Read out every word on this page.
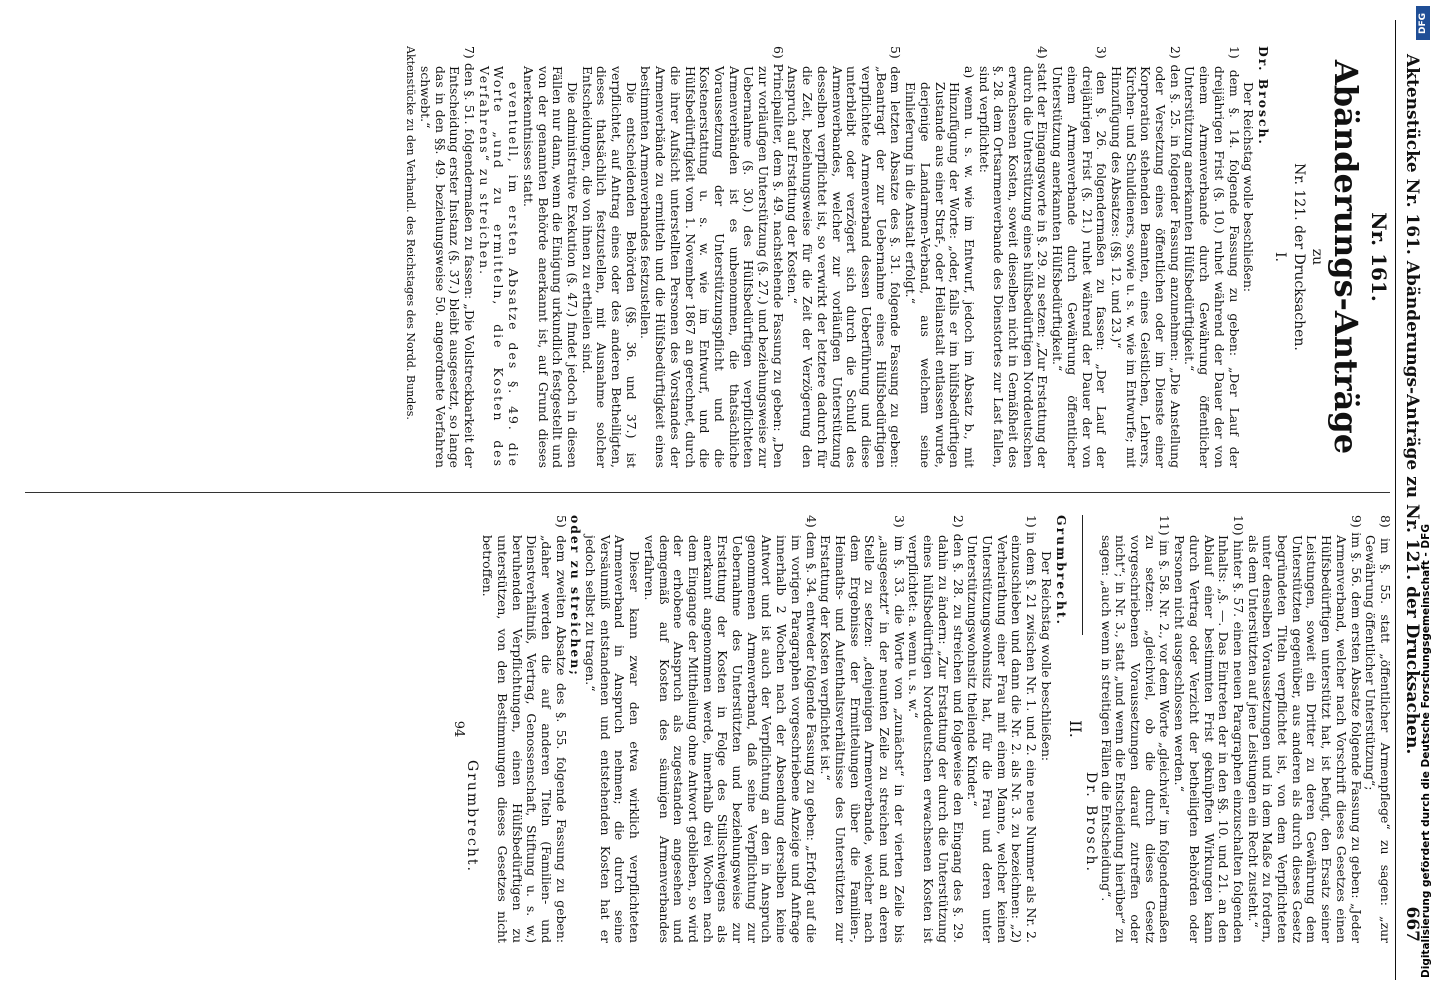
Aktenstücke Nr. 161. Abänderungs-Anträge zu Nr. 121. der Drucksachen.
667
Nr. 161.
Abänderungs-Anträge
zu
Nr. 121. der Drucksachen.
I.

Dr. Brosch.

Der Reichstag wolle beschließen:

1) dem §. 14. folgende Fassung zu geben: „Der Lauf der dreijährigen Frist (§. 10.) ruhet während der Dauer der von einem Armenverbande durch Gewährung öffentlicher Unterstützung anerkannten Hülfsbedürftigkeit.“

2) den §. 25. in folgender Fassung anzunehmen: „Die Anstellung oder Versetzung eines öffentlichen oder im Dienste einer Korporation stehenden Beamten, eines Geistlichen, Lehrers, Kirchen- und Schuldieners, sowie u. s. w. wie im Entwurfe; mit Hinzufügung des Absatzes: (§§. 12. und 23.)“

3) den §. 26. folgendermaßen zu fassen: „Der Lauf der dreijährigen Frist (§. 21.) ruhet während der Dauer der von einem Armenverbande durch Gewährung öffentlicher Unterstützung anerkannten Hülfsbedürftigkeit.“

4) statt der Eingangsworte in §. 29. zu setzen: „Zur Erstattung der durch die Unterstützung eines hülfsbedürftigen Norddeutschen erwachsenen Kosten, soweit dieselben nicht in Gemäßheit des §. 28. dem Ortsarmenverbande des Dienstortes zur Last fallen, sind verpflichtet:

a) wenn u. s. w. wie im Entwurf, jedoch im Absatz b., mit Hinzufügung der Worte: „oder, falls er im hülfsbedürftigen Zustande aus einer Straf-, oder Heilanstalt entlassen wurde, derjenige Landarmen-Verband, aus welchem seine Einlieferung in die Anstalt erfolgt.“

5) dem letzten Absatze des §. 31. folgende Fassung zu geben: „Beantragt der zur Uebernahme eines Hülfsbedürftigen verpflichtete Armenverband dessen Ueberführung und diese unterbleibt oder verzögert sich durch die Schuld des Armenverbandes, welcher zur vorläufigen Unterstützung desselben verpflichtet ist, so verwirkt der letztere dadurch für die Zeit, beziehungsweise für die Zeit der Verzögerung den Anspruch auf Erstattung der Kosten.“

6) Principaliter, dem §. 49. nachstehende Fassung zu geben: „Den zur vorläufigen Unterstützung (§. 27.) und beziehungsweise zur Uebernahme (§. 30.) des Hülfsbedürftigen verpflichteten Armenverbänden ist es unbenommen, die thatsächliche Voraussetzung der Unterstützungspflicht und die Kostenerstattung u. s. w. wie im Entwurf, und die Hülfsbedürftigkeit vom 1. November 1867 an gerechnet, durch die ihrer Aufsicht unterstellten Personen des Vorstandes der Armenverbände zu ermitteln und die Hülfsbedürftigkeit eines bestimmten Armenverbandes festzustellen.

Die entscheidenden Behörden (§§. 36. und 37.) ist verpflichtet, auf Antrag eines oder des anderen Betheiligten, dieses thatsächlich festzustellen, mit Ausnahme solcher Entscheidungen, die von ihnen zu ertheilen sind.

Die administrative Exekution (§. 47.) findet jedoch in diesen Fällen nur dann, wenn die Einigung urkundlich festgestellt und von der genannten Behörde anerkannt ist, auf Grund dieses Anerkenntnisses statt.

eventuell, im ersten Absatze des §. 49. die Worte „und zu ermitteln, die Kosten des Verfahrens“ zu streichen.

7) den §. 51. folgendermaßen zu fassen: „Die Vollstreckbarkeit der Entscheidung erster Instanz (§. 37.) bleibt ausgesetzt, so lange das in den §§. 49. beziehungsweise 50. angeordnete Verfahren schwebt.“

Aktenstücke zu den Verhandl. des Reichstages des Nordd. Bundes.

8) im §. 55. statt „öffentlicher Armenpflege“ zu sagen: „zur Gewährung öffentlicher Unterstützung“;

9) im §. 56. dem ersten Absatze folgende Fassung zu geben: „Jeder Armenverband, welcher nach Vorschrift dieses Gesetzes einen Hülfsbedürftigen unterstützt hat, ist befugt, den Ersatz seiner Leistungen, soweit ein Dritter zu deren Gewährung dem Unterstützten gegenüber, aus anderen als durch dieses Gesetz begründeten Titeln verpflichtet ist, von dem Verpflichteten unter denselben Voraussetzungen und in dem Maße zu fordern, als dem Unterstützten auf jene Leistungen ein Recht zusteht.“

10) hinter §. 57. einen neuen Paragraphen einzuschalten folgenden Inhalts: „§. —. Das Eintreten der in den §§. 10. und 21. an den Ablauf einer bestimmten Frist geknüpften Wirkungen kann durch Vertrag oder Verzicht der betheiligten Behörden oder Personen nicht ausgeschlossen werden.“

11) im §. 58. Nr. 2., vor dem Worte „gleichviel“ im folgendermaßen zu setzen: „gleichviel, ob die durch dieses Gesetz vorgeschriebenen Voraussetzungen darauf zutreffen oder nicht“; in Nr. 3., statt „und wenn die Entscheidung hierüber“ zu sagen: „auch wenn in streitigen Fällen die Entscheidung“.

Dr. Brosch.
II.

Grumbrecht.

Der Reichstag wolle beschließen:

1) in dem §. 21 zwischen Nr. 1. und 2. eine neue Nummer als Nr. 2. einzuschieben und dann die Nr. 2. als Nr. 3. zu bezeichnen: „2) Verheirathung einer Frau mit einem Manne, welcher keinen Unterstützungswohnsitz hat, für die Frau und deren unter Unterstützungswohnsitz theilende Kinder.“

2) den §. 28. zu streichen und folgeweise den Eingang des §. 29. dahin zu ändern: „Zur Erstattung der durch die Unterstützung eines hülfsbedürftigen Norddeutschen erwachsenen Kosten ist verpflichtet: a. wenn u. s. w.“

3) im §. 33. die Worte von „zunächst“ in der vierten Zeile bis „ausgesetzt“ in der neunten Zeile zu streichen und an deren Stelle zu setzen: „denjenigen Armenverbande, welcher nach dem Ergebnisse der Ermittelungen über die Familien-, Heimaths- und Aufenthaltsverhältnisse des Unterstützten zur Erstattung der Kosten verpflichtet ist.“

4) dem §. 34. entweder folgende Fassung zu geben: „Erfolgt auf die im vorigen Paragraphen vorgeschriebene Anzeige und Anfrage innerhalb 2 Wochen nach der Absendung derselben keine Antwort und ist auch der Verpflichtung an den in Anspruch genommenen Armenverband, daß seine Verpflichtung zur Uebernahme des Unterstützten und beziehungsweise zur Erstattung der Kosten in Folge des Stillschweigens als anerkannt angenommen werde, innerhalb drei Wochen nach dem Eingange der Mittheilung ohne Antwort geblieben, so wird der erhobene Anspruch als zugestanden angesehen und demgemäß auf Kosten des säumigen Armenverbandes verfahren.

Dieser kann zwar den etwa wirklich verpflichteten Armenverband in Anspruch nehmen; die durch seine Versäumniß entstandenen und entstehenden Kosten hat er jedoch selbst zu tragen.“

oder zu streichen;

5) dem zweiten Absatze des §. 55. folgende Fassung zu geben: „daher werden die auf anderen Titeln (Familien- und Dienstverhältniß, Vertrag, Genossenschaft, Stiftung u. s. w.) beruhenden Verpflichtungen, einen Hülfsbedürftigen zu unterstützen, von den Bestimmungen dieses Gesetzes nicht betroffen.

Grumbrecht.
94	Digitalisierung gefördert durch die Deutsche Forschungsgemeinschaft - DFG
DFG
